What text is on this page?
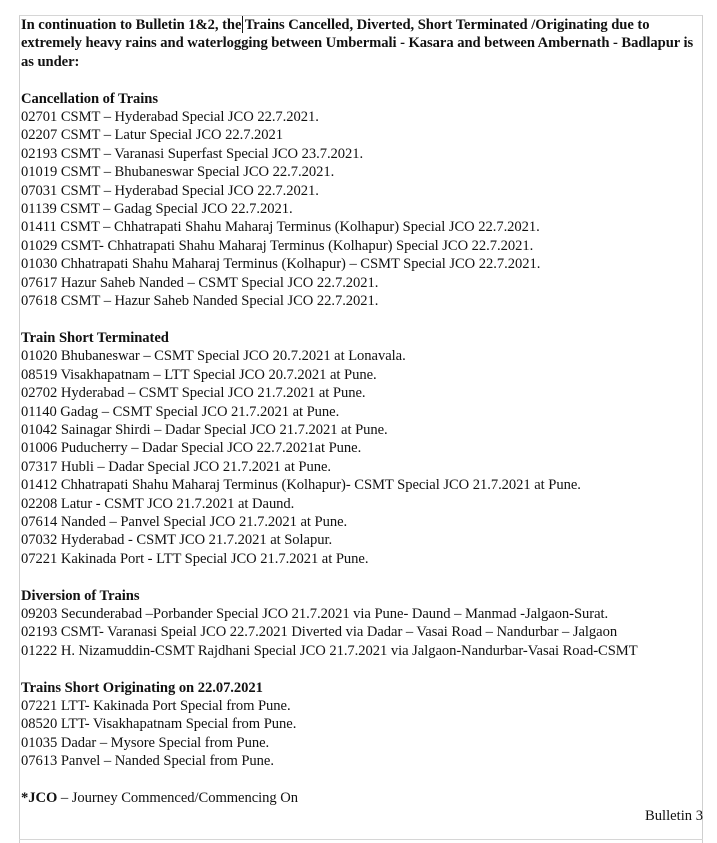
In continuation to Bulletin 1&2, the Trains Cancelled, Diverted, Short Terminated /Originating due to extremely heavy rains and waterlogging between Umbermali - Kasara and between Ambernath - Badlapur is as under:

Cancellation of Trains

02701 CSMT – Hyderabad Special JCO 22.7.2021.

02207 CSMT – Latur Special JCO 22.7.2021

02193 CSMT – Varanasi Superfast Special JCO 23.7.2021.

01019 CSMT – Bhubaneswar Special JCO 22.7.2021.

07031 CSMT – Hyderabad Special JCO 22.7.2021.

01139 CSMT – Gadag Special JCO 22.7.2021.

01411 CSMT – Chhatrapati Shahu Maharaj Terminus (Kolhapur) Special JCO 22.7.2021.

01029 CSMT- Chhatrapati Shahu Maharaj Terminus (Kolhapur) Special JCO 22.7.2021.

01030 Chhatrapati Shahu Maharaj Terminus (Kolhapur) – CSMT Special JCO 22.7.2021.

07617 Hazur Saheb Nanded – CSMT Special JCO 22.7.2021.

07618 CSMT – Hazur Saheb Nanded Special JCO 22.7.2021.

Train Short Terminated

01020 Bhubaneswar – CSMT Special JCO 20.7.2021 at Lonavala.

08519 Visakhapatnam – LTT Special JCO 20.7.2021 at Pune.

02702 Hyderabad – CSMT Special JCO 21.7.2021 at Pune.

01140 Gadag – CSMT Special JCO 21.7.2021 at Pune.

01042 Sainagar Shirdi – Dadar Special JCO 21.7.2021 at Pune.

01006 Puducherry – Dadar Special JCO 22.7.2021at Pune.

07317 Hubli – Dadar Special JCO 21.7.2021 at Pune.

01412 Chhatrapati Shahu Maharaj Terminus (Kolhapur)- CSMT Special JCO 21.7.2021 at Pune.

02208 Latur - CSMT JCO 21.7.2021 at Daund.

07614 Nanded – Panvel Special JCO 21.7.2021 at Pune.

07032 Hyderabad - CSMT JCO 21.7.2021 at Solapur.

07221 Kakinada Port - LTT Special JCO 21.7.2021 at Pune.

Diversion of Trains

09203 Secunderabad –Porbander Special JCO 21.7.2021 via Pune- Daund – Manmad -Jalgaon-Surat.

02193 CSMT- Varanasi Speial JCO 22.7.2021 Diverted via Dadar – Vasai Road – Nandurbar – Jalgaon

01222 H. Nizamuddin-CSMT Rajdhani Special JCO 21.7.2021 via Jalgaon-Nandurbar-Vasai Road-CSMT

Trains Short Originating on 22.07.2021

07221 LTT- Kakinada Port Special from Pune.

08520 LTT- Visakhapatnam Special from Pune.

01035 Dadar – Mysore Special from Pune.

07613 Panvel – Nanded Special from Pune.

*JCO – Journey Commenced/Commencing On

Bulletin 3
